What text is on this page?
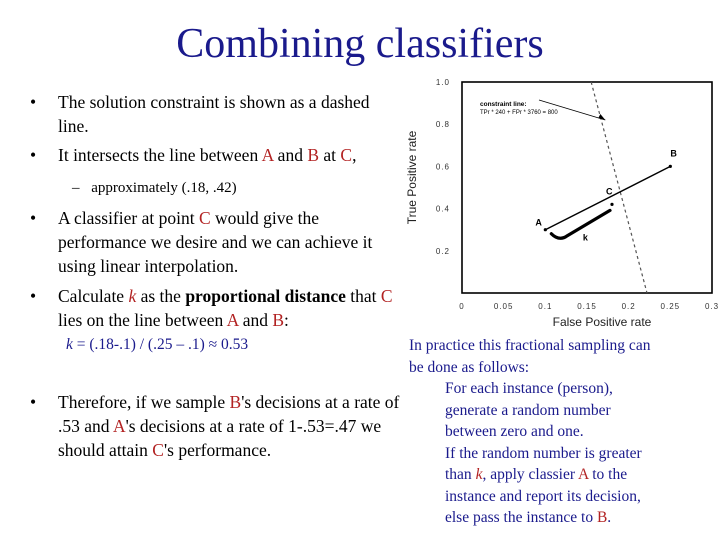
Combining classifiers
• The solution constraint is shown as a dashed line.
• It intersects the line between A and B at C,
– approximately (.18, .42)
• A classifier at point C would give the performance we desire and we can achieve it using linear interpolation.
• Calculate k as the proportional distance that C lies on the line between A and B:
k = (.18-.1) / (.25 – .1) ≈ 0.53
• Therefore, if we sample B's decisions at a rate of .53 and A's decisions at a rate of 1-.53=.47 we should attain C's performance.
In practice this fractional sampling can
be done as follows:
For each instance (person),
generate a random number
between zero and one.
If the random number is greater
than k, apply classier A to the
instance and report its decision,
else pass the instance to B.
0	0.05	0.1	0.15	0.2	0.25	0.3
1.0
0.8
0.6
0.4
0.2
False Positive rate
True Positive rate
k
A
B
C
constraint line:
TPr * 240 + FPr * 3760 = 800
